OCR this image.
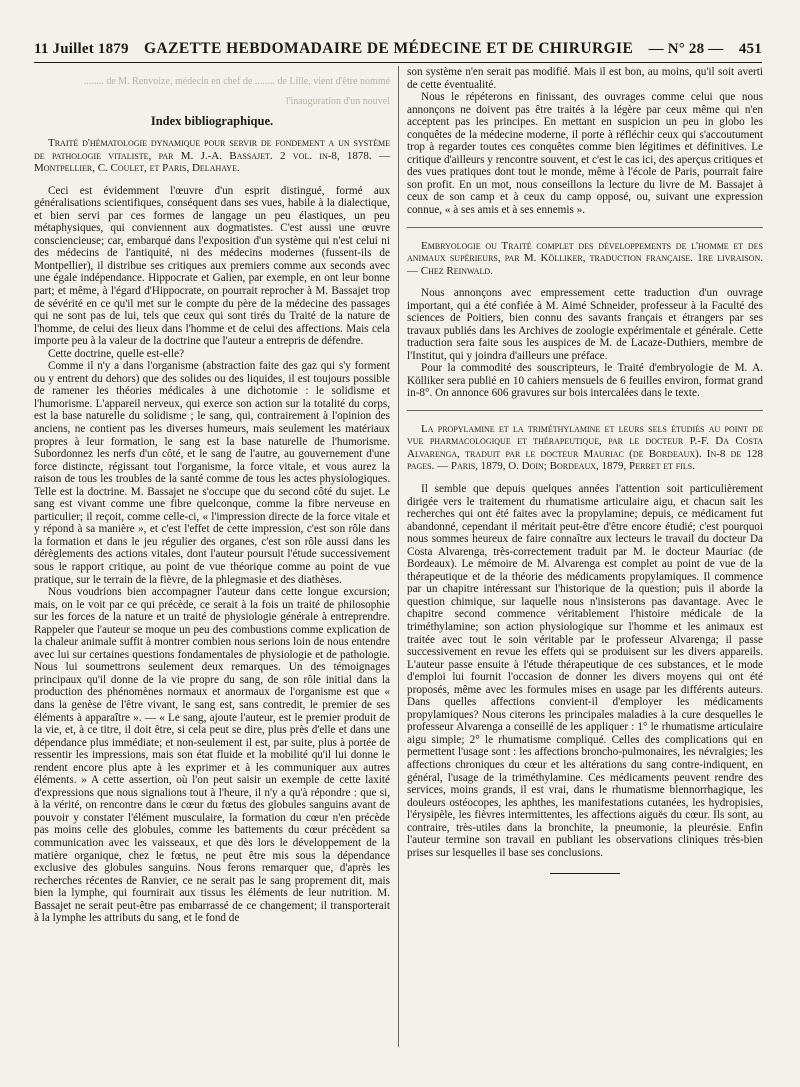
11 Juillet 1879 GAZETTE HEBDOMADAIRE DE MÉDECINE ET DE CHIRURGIE — N° 28 — 451
........ de M. Renvoize, médecin en chef de ........ de Lille, vient d'être nommé
l'inauguration d'un nouvel
Index bibliographique.

Traité d'hématologie dynamique pour servir de fondement a un système de pathologie vitaliste, par M. J.-A. Bassajet. 2 vol. in-8, 1878. — Montpellier, C. Coulet, et Paris, Delahaye.

Ceci est évidemment l'œuvre d'un esprit distingué, formé aux généralisations scientifiques, conséquent dans ses vues, habile à la dialectique, et bien servi par ces formes de langage un peu élastiques, un peu métaphysiques, qui conviennent aux dogmatistes. C'est aussi une œuvre consciencieuse; car, embarqué dans l'exposition d'un système qui n'est celui ni des médecins de l'antiquité, ni des médecins modernes (fussent-ils de Montpellier), il distribue ses critiques aux premiers comme aux seconds avec une égale indépendance. Hippocrate et Galien, par exemple, en ont leur bonne part; et même, à l'égard d'Hippocrate, on pourrait reprocher à M. Bassajet trop de sévérité en ce qu'il met sur le compte du père de la médecine des passages qui ne sont pas de lui, tels que ceux qui sont tirés du Traité de la nature de l'homme, de celui des lieux dans l'homme et de celui des affections. Mais cela importe peu à la valeur de la doctrine que l'auteur a entrepris de défendre.

Cette doctrine, quelle est-elle?

Comme il n'y a dans l'organisme (abstraction faite des gaz qui s'y forment ou y entrent du dehors) que des solides ou des liquides, il est toujours possible de ramener les théories médicales à une dichotomie : le solidisme et l'humorisme. L'appareil nerveux, qui exerce son action sur la totalité du corps, est la base naturelle du solidisme ; le sang, qui, contrairement à l'opinion des anciens, ne contient pas les diverses humeurs, mais seulement les matériaux propres à leur formation, le sang est la base naturelle de l'humorisme. Subordonnez les nerfs d'un côté, et le sang de l'autre, au gouvernement d'une force distincte, régissant tout l'organisme, la force vitale, et vous aurez la raison de tous les troubles de la santé comme de tous les actes physiologiques. Telle est la doctrine. M. Bassajet ne s'occupe que du second côté du sujet. Le sang est vivant comme une fibre quelconque, comme la fibre nerveuse en particulier; il reçoit, comme celle-ci, « l'impression directe de la force vitale et y répond à sa manière », et c'est l'effet de cette impression, c'est son rôle dans la formation et dans le jeu régulier des organes, c'est son rôle aussi dans les dérèglements des actions vitales, dont l'auteur poursuit l'étude successivement sous le rapport critique, au point de vue théorique comme au point de vue pratique, sur le terrain de la fièvre, de la phlegmasie et des diathèses.

Nous voudrions bien accompagner l'auteur dans cette longue excursion; mais, on le voit par ce qui précède, ce serait à la fois un traité de philosophie sur les forces de la nature et un traité de physiologie générale à entreprendre. Rappeler que l'auteur se moque un peu des combustions comme explication de la chaleur animale suffit à montrer combien nous serions loin de nous entendre avec lui sur certaines questions fondamentales de physiologie et de pathologie. Nous lui soumettrons seulement deux remarques. Un des témoignages principaux qu'il donne de la vie propre du sang, de son rôle initial dans la production des phénomènes normaux et anormaux de l'organisme est que « dans la genèse de l'être vivant, le sang est, sans contredit, le premier de ses éléments à apparaître ». — « Le sang, ajoute l'auteur, est le premier produit de la vie, et, à ce titre, il doit être, si cela peut se dire, plus près d'elle et dans une dépendance plus immédiate; et non-seulement il est, par suite, plus à portée de ressentir les impressions, mais son état fluide et la mobilité qu'il lui donne le rendent encore plus apte à les exprimer et à les communiquer aux autres éléments. » A cette assertion, où l'on peut saisir un exemple de cette laxité d'expressions que nous signalions tout à l'heure, il n'y a qu'à répondre : que si, à la vérité, on rencontre dans le cœur du fœtus des globules sanguins avant de pouvoir y constater l'élément musculaire, la formation du cœur n'en précède pas moins celle des globules, comme les battements du cœur précèdent sa communication avec les vaisseaux, et que dès lors le développement de la matière organique, chez le fœtus, ne peut être mis sous la dépendance exclusive des globules sanguins. Nous ferons remarquer que, d'après les recherches récentes de Ranvier, ce ne serait pas le sang proprement dit, mais bien la lymphe, qui fournirait aux tissus les éléments de leur nutrition. M. Bassajet ne serait peut-être pas embarrassé de ce changement; il transporterait à la lymphe les attributs du sang, et le fond de

son système n'en serait pas modifié. Mais il est bon, au moins, qu'il soit averti de cette éventualité.

Nous le répéterons en finissant, des ouvrages comme celui que nous annonçons ne doivent pas être traités à la légère par ceux même qui n'en acceptent pas les principes. En mettant en suspicion un peu in globo les conquêtes de la médecine moderne, il porte à réfléchir ceux qui s'accoutument trop à regarder toutes ces conquêtes comme bien légitimes et définitives. Le critique d'ailleurs y rencontre souvent, et c'est le cas ici, des aperçus critiques et des vues pratiques dont tout le monde, même à l'école de Paris, pourrait faire son profit. En un mot, nous conseillons la lecture du livre de M. Bassajet à ceux de son camp et à ceux du camp opposé, ou, suivant une expression connue, « à ses amis et à ses ennemis ».

Embryologie ou Traité complet des développements de l'homme et des animaux supérieurs, par M. Kölliker, traduction française. 1re livraison. — Chez Reinwald.

Nous annonçons avec empressement cette traduction d'un ouvrage important, qui a été confiée à M. Aimé Schneider, professeur à la Faculté des sciences de Poitiers, bien connu des savants français et étrangers par ses travaux publiés dans les Archives de zoologie expérimentale et générale. Cette traduction sera faite sous les auspices de M. de Lacaze-Duthiers, membre de l'Institut, qui y joindra d'ailleurs une préface.

Pour la commodité des souscripteurs, le Traité d'embryologie de M. A. Kölliker sera publié en 10 cahiers mensuels de 6 feuilles environ, format grand in-8°. On annonce 606 gravures sur bois intercalées dans le texte.

La propylamine et la triméthylamine et leurs sels étudiés au point de vue pharmacologique et thérapeutique, par le docteur P.-F. Da Costa Alvarenga, traduit par le docteur Mauriac (de Bordeaux). In-8 de 128 pages. — Paris, 1879, O. Doin; Bordeaux, 1879, Perret et fils.

Il semble que depuis quelques années l'attention soit particulièrement dirigée vers le traitement du rhumatisme articulaire aigu, et chacun sait les recherches qui ont été faites avec la propylamine; depuis, ce médicament fut abandonné, cependant il méritait peut-être d'être encore étudié; c'est pourquoi nous sommes heureux de faire connaître aux lecteurs le travail du docteur Da Costa Alvarenga, très-correctement traduit par M. le docteur Mauriac (de Bordeaux). Le mémoire de M. Alvarenga est complet au point de vue de la thérapeutique et de la théorie des médicaments propylamiques. Il commence par un chapitre intéressant sur l'historique de la question; puis il aborde la question chimique, sur laquelle nous n'insisterons pas davantage. Avec le chapitre second commence véritablement l'histoire médicale de la triméthylamine; son action physiologique sur l'homme et les animaux est traitée avec tout le soin véritable par le professeur Alvarenga; il passe successivement en revue les effets qui se produisent sur les divers appareils. L'auteur passe ensuite à l'étude thérapeutique de ces substances, et le mode d'emploi lui fournit l'occasion de donner les divers moyens qui ont été proposés, même avec les formules mises en usage par les différents auteurs. Dans quelles affections convient-il d'employer les médicaments propylamiques? Nous citerons les principales maladies à la cure desquelles le professeur Alvarenga a conseillé de les appliquer : 1° le rhumatisme articulaire aigu simple; 2° le rhumatisme compliqué. Celles des complications qui en permettent l'usage sont : les affections broncho-pulmonaires, les névralgies; les affections chroniques du cœur et les altérations du sang contre-indiquent, en général, l'usage de la triméthylamine. Ces médicaments peuvent rendre des services, moins grands, il est vrai, dans le rhumatisme blennorrhagique, les douleurs ostéocopes, les aphthes, les manifestations cutanées, les hydropisies, l'érysipèle, les fièvres intermittentes, les affections aiguës du cœur. Ils sont, au contraire, très-utiles dans la bronchite, la pneumonie, la pleurésie. Enfin l'auteur termine son travail en publiant les observations cliniques très-bien prises sur lesquelles il base ses conclusions.
